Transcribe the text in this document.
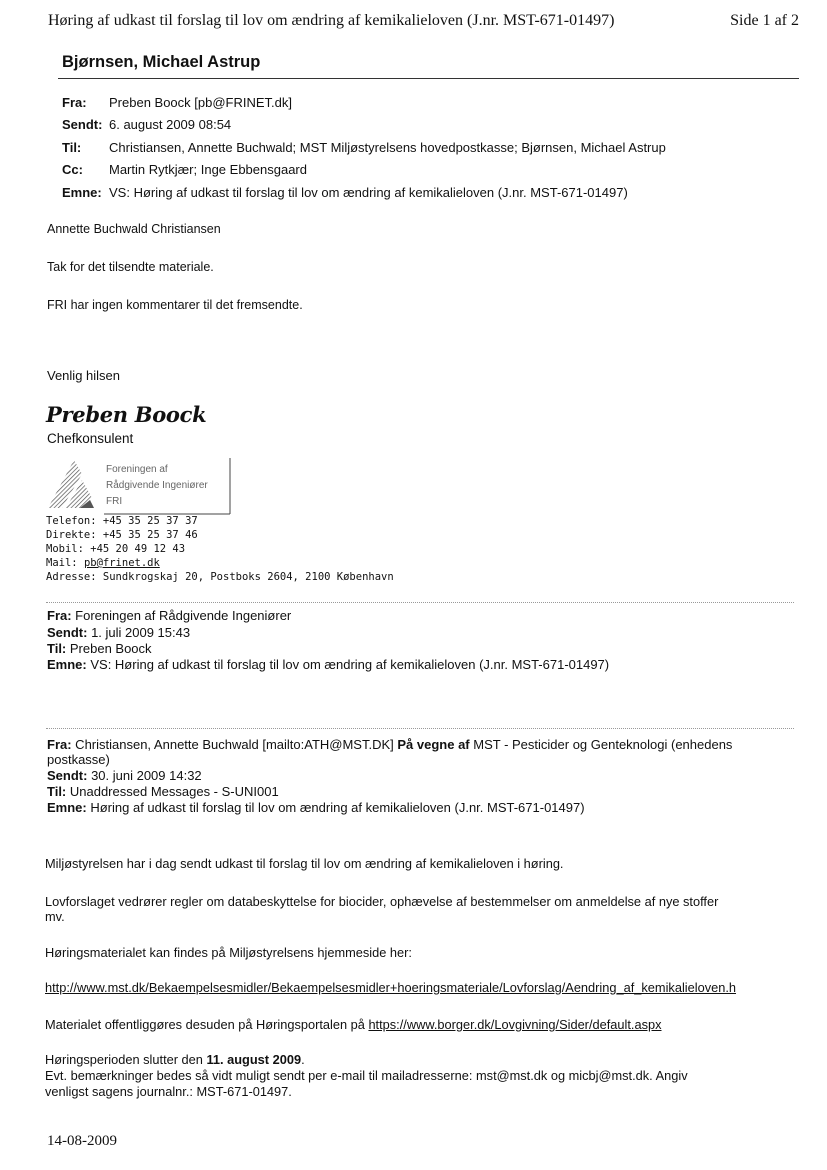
Høring af udkast til forslag til lov om ændring af kemikalieloven (J.nr. MST-671-01497)	Side 1 af 2
Bjørnsen, Michael Astrup
Fra:	Preben Boock [pb@FRINET.dk]
Sendt: 6. august 2009 08:54
Til:	Christiansen, Annette Buchwald; MST Miljøstyrelsens hovedpostkasse; Bjørnsen, Michael Astrup
Cc:	Martin Rytkjær; Inge Ebbensgaard
Emne: VS: Høring af udkast til forslag til lov om ændring af kemikalieloven (J.nr. MST-671-01497)
Annette Buchwald Christiansen
Tak for det tilsendte materiale.
FRI har ingen kommentarer til det fremsendte.
Venlig hilsen
Preben Boock
Chefkonsulent
Foreningen af
Rådgivende Ingeniører
FRI
Telefon: +45 35 25 37 37
Direkte: +45 35 25 37 46
Mobil: +45 20 49 12 43
Mail: pb@frinet.dk
Adresse: Sundkrogskaj 20, Postboks 2604, 2100 København
Fra: Foreningen af Rådgivende Ingeniører
Sendt: 1. juli 2009 15:43
Til: Preben Boock
Emne: VS: Høring af udkast til forslag til lov om ændring af kemikalieloven (J.nr. MST-671-01497)
Fra: Christiansen, Annette Buchwald [mailto:ATH@MST.DK] På vegne af MST - Pesticider og Genteknologi (enhedens
postkasse)
Sendt: 30. juni 2009 14:32
Til: Unaddressed Messages - S-UNI001
Emne: Høring af udkast til forslag til lov om ændring af kemikalieloven (J.nr. MST-671-01497)
Miljøstyrelsen har i dag sendt udkast til forslag til lov om ændring af kemikalieloven i høring.
Lovforslaget vedrører regler om databeskyttelse for biocider, ophævelse af bestemmelser om anmeldelse af nye stoffer
mv.
Høringsmaterialet kan findes på Miljøstyrelsens hjemmeside her:
http://www.mst.dk/Bekaempelsesmidler/Bekaempelsesmidler+hoeringsmateriale/Lovforslag/Aendring_af_kemikalieloven.h
Materialet offentliggøres desuden på Høringsportalen på https://www.borger.dk/Lovgivning/Sider/default.aspx
Høringsperioden slutter den 11. august 2009.
Evt. bemærkninger bedes så vidt muligt sendt per e-mail til mailadresserne: mst@mst.dk og micbj@mst.dk. Angiv
venligst sagens journalnr.: MST-671-01497.
14-08-2009
